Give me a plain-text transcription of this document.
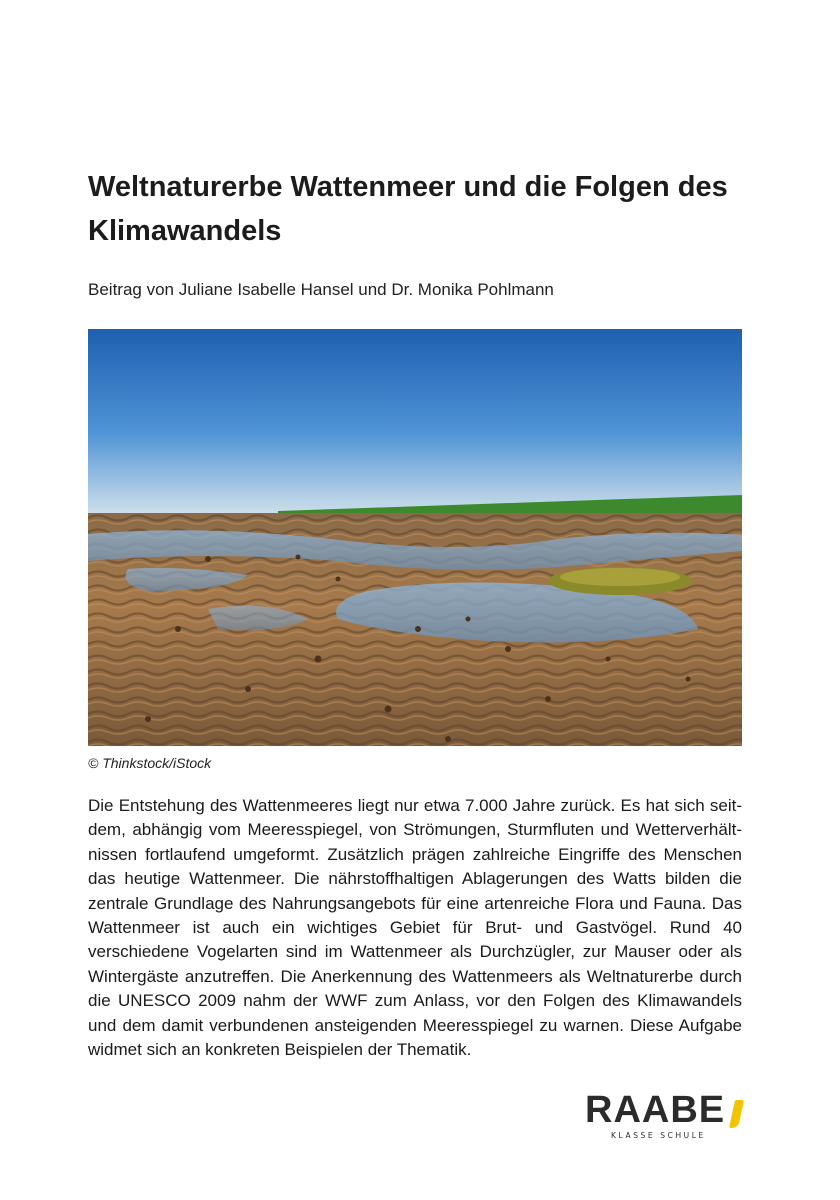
Weltnaturerbe Wattenmeer und die Folgen des Klimawandels
Beitrag von Juliane Isabelle Hansel und Dr. Monika Pohlmann
© Thinkstock/iStock
Die Entstehung des Wattenmeeres liegt nur etwa 7.000 Jahre zurück. Es hat sich seitdem, abhängig vom Meeresspiegel, von Strömungen, Sturmfluten und Wetterverhältnissen fortlaufend umgeformt. Zusätzlich prägen zahlreiche Eingriffe des Menschen das heutige Wattenmeer. Die nährstoffhaltigen Ablagerungen des Watts bilden die zentrale Grundlage des Nahrungsangebots für eine artenreiche Flora und Fauna. Das Wattenmeer ist auch ein wichtiges Gebiet für Brut- und Gastvögel. Rund 40 verschiedene Vogelarten sind im Wattenmeer als Durchzügler, zur Mauser oder als Wintergäste anzutreffen. Die Anerkennung des Wattenmeers als Weltnaturerbe durch die UNESCO 2009 nahm der WWF zum Anlass, vor den Folgen des Klimawandels und dem damit verbundenen ansteigenden Meeresspiegel zu warnen. Diese Aufgabe widmet sich an konkreten Beispielen der Thematik.
RAABE
KLASSE SCHULE
